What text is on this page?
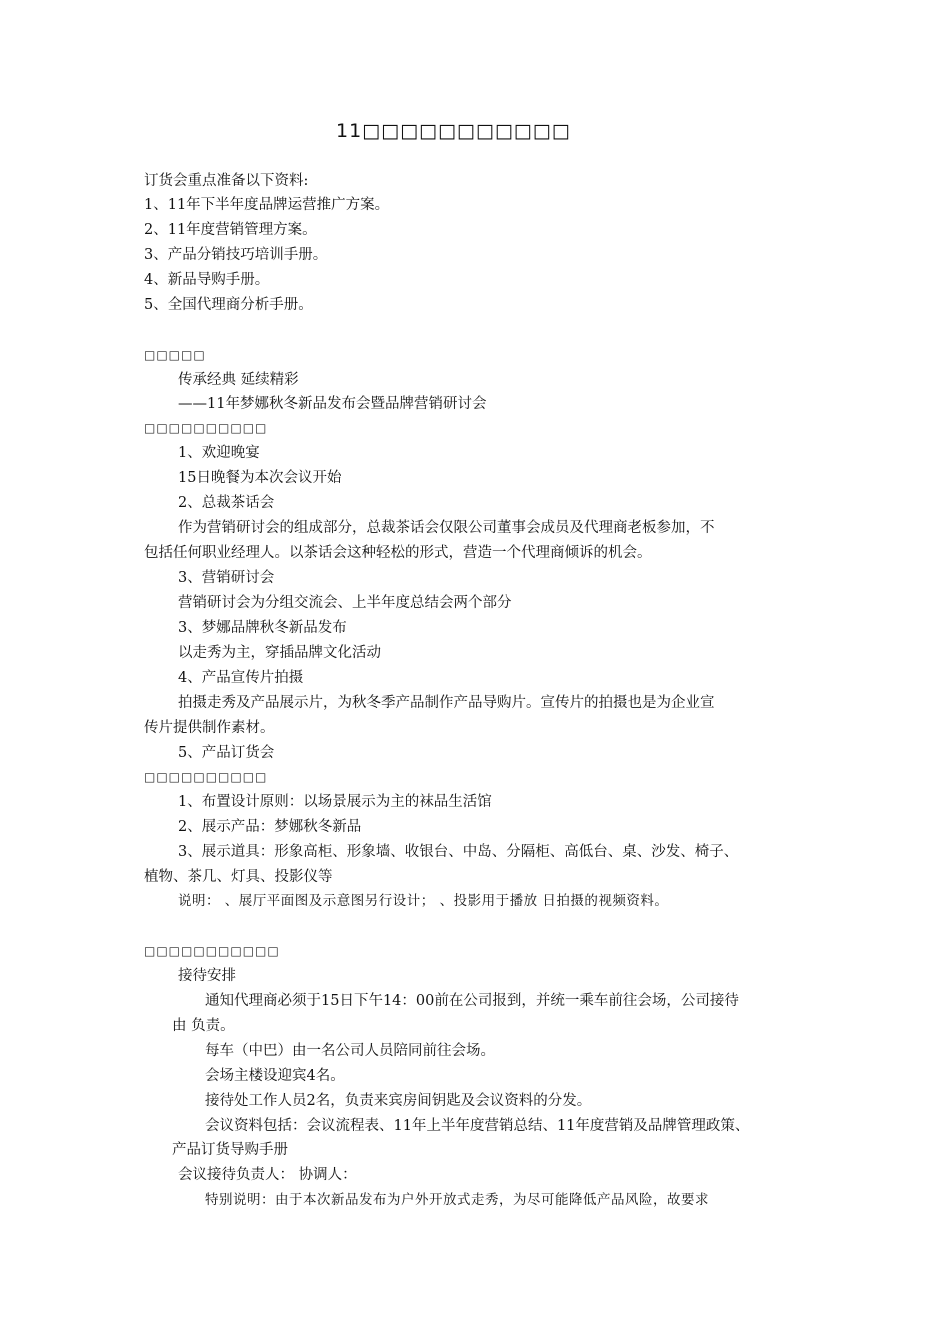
11□□□□□□□□□□□
订货会重点准备以下资料:
1、11年下半年度品牌运营推广方案。
2、11年度营销管理方案。
3、产品分销技巧培训手册。
4、新品导购手册。
5、全国代理商分析手册。
□□□□□
传承经典 延续精彩
——11年梦娜秋冬新品发布会暨品牌营销研讨会
□□□□□□□□□□
1、欢迎晚宴
15日晚餐为本次会议开始
2、总裁茶话会
作为营销研讨会的组成部分，总裁茶话会仅限公司董事会成员及代理商老板参加，不
包括任何职业经理人。以茶话会这种轻松的形式，营造一个代理商倾诉的机会。
3、营销研讨会
营销研讨会为分组交流会、上半年度总结会两个部分
3、梦娜品牌秋冬新品发布
以走秀为主，穿插品牌文化活动
4、产品宣传片拍摄
拍摄走秀及产品展示片，为秋冬季产品制作产品导购片。宣传片的拍摄也是为企业宣
传片提供制作素材。
5、产品订货会
□□□□□□□□□□
1、布置设计原则：以场景展示为主的袜品生活馆
2、展示产品：梦娜秋冬新品
3、展示道具：形象高柜、形象墙、收银台、中岛、分隔柜、高低台、桌、沙发、椅子、
植物、茶几、灯具、投影仪等
说明： 、展厅平面图及示意图另行设计； 、投影用于播放 日拍摄的视频资料。
□□□□□□□□□□□
接待安排
通知代理商必须于15日下午14：00前在公司报到，并统一乘车前往会场，公司接待
由 负责。
每车（中巴）由一名公司人员陪同前往会场。
会场主楼设迎宾4名。
接待处工作人员2名，负责来宾房间钥匙及会议资料的分发。
会议资料包括：会议流程表、11年上半年度营销总结、11年度营销及品牌管理政策、
产品订货导购手册
会议接待负责人： 协调人：
特别说明：由于本次新品发布为户外开放式走秀，为尽可能降低产品风险，故要求
